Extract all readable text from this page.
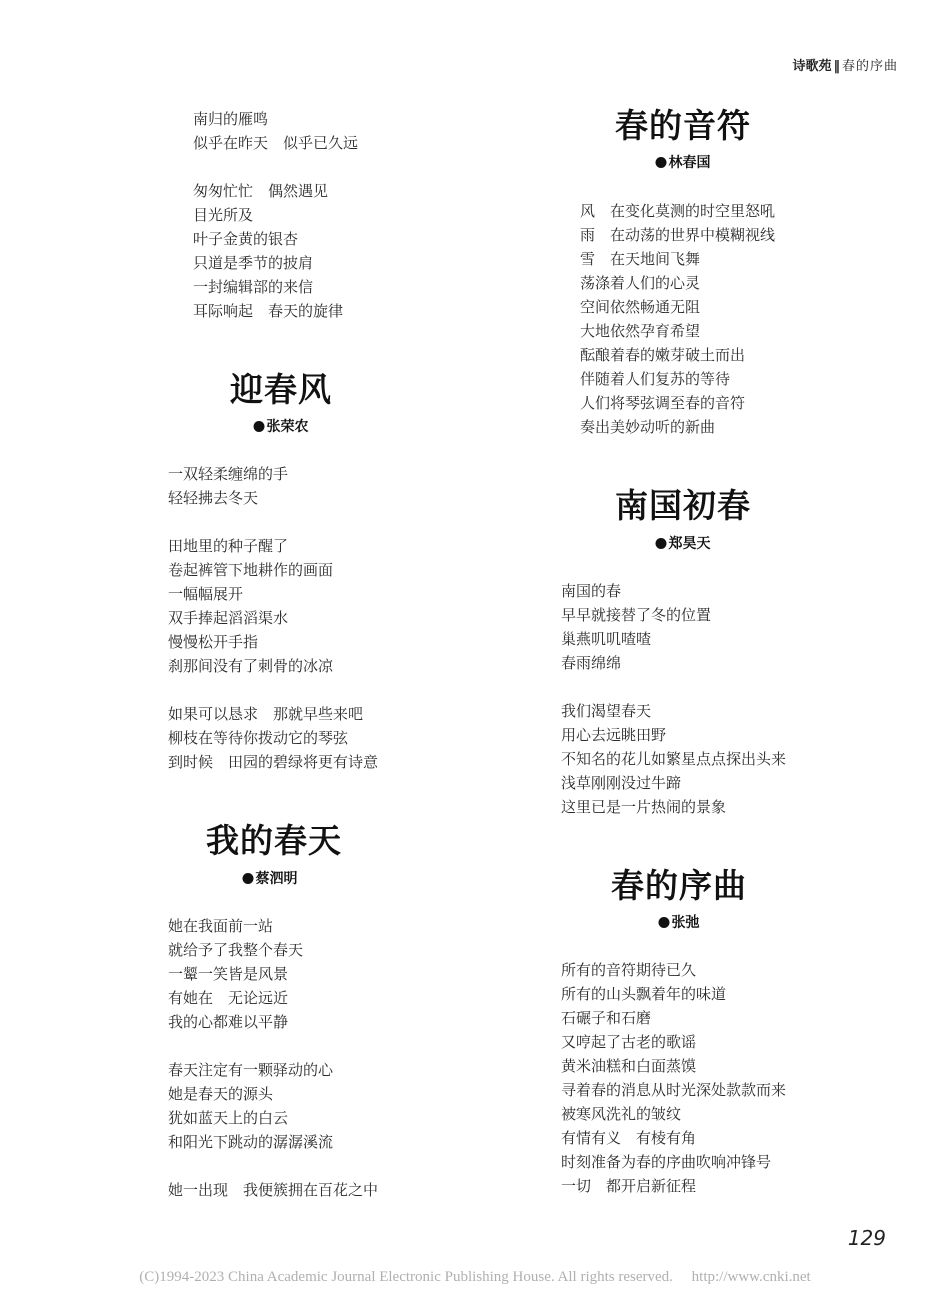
诗歌苑 ‖ 春的序曲
南归的雁鸣
似乎在昨天　似乎已久远
匆匆忙忙　偶然遇见
目光所及
叶子金黄的银杏
只道是季节的披肩
一封编辑部的来信
耳际响起　春天的旋律
迎春风
张荣农
一双轻柔缠绵的手
轻轻拂去冬天
田地里的种子醒了
卷起裤管下地耕作的画面
一幅幅展开
双手捧起滔滔渠水
慢慢松开手指
刹那间没有了刺骨的冰凉
如果可以恳求　那就早些来吧
柳枝在等待你拨动它的琴弦
到时候　田园的碧绿将更有诗意
我的春天
蔡泗明
她在我面前一站
就给予了我整个春天
一颦一笑皆是风景
有她在　无论远近
我的心都难以平静
春天注定有一颗驿动的心
她是春天的源头
犹如蓝天上的白云
和阳光下跳动的潺潺溪流
她一出现　我便簇拥在百花之中
春的音符
林春国
风　在变化莫测的时空里怒吼
雨　在动荡的世界中模糊视线
雪　在天地间飞舞
荡涤着人们的心灵
空间依然畅通无阻
大地依然孕育希望
酝酿着春的嫩芽破土而出
伴随着人们复苏的等待
人们将琴弦调至春的音符
奏出美妙动听的新曲
南国初春
郑昊天
南国的春
早早就接替了冬的位置
巢燕叽叽喳喳
春雨绵绵
我们渴望春天
用心去远眺田野
不知名的花儿如繁星点点探出头来
浅草刚刚没过牛蹄
这里已是一片热闹的景象
春的序曲
张弛
所有的音符期待已久
所有的山头飘着年的味道
石碾子和石磨
又哼起了古老的歌谣
黄米油糕和白面蒸馍
寻着春的消息从时光深处款款而来
被寒风洗礼的皱纹
有情有义　有棱有角
时刻准备为春的序曲吹响冲锋号
一切　都开启新征程
129
(C)1994-2023 China Academic Journal Electronic Publishing House. All rights reserved.　 http://www.cnki.net
